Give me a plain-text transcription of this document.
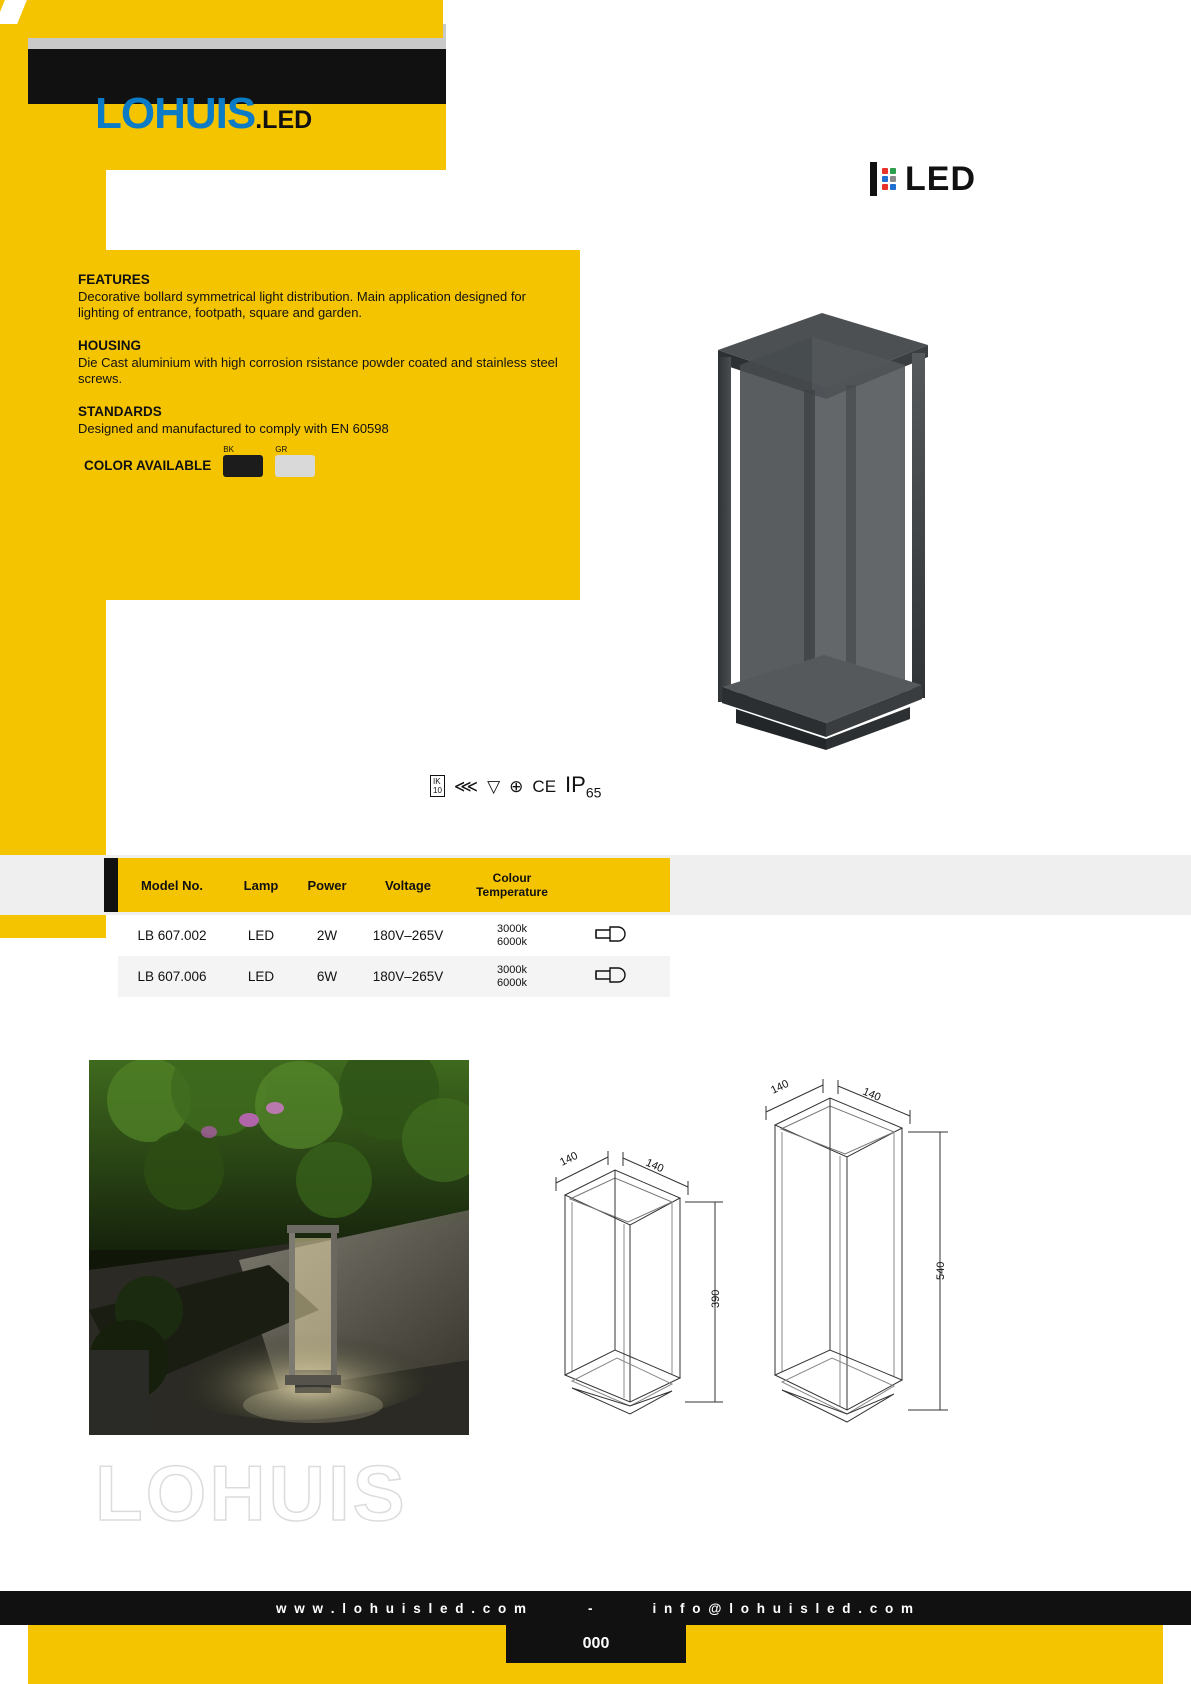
OUTDOOR LIGHTING
LANDSCAPE
BOLLARDS LIGHTING
LED
That's It
LOHUIS.LED
FEATURES

Decorative bollard symmetrical light distribution. Main application designed for lighting of entrance, footpath, square and garden.

HOUSING

Die Cast aluminium with high corrosion rsistance powder coated and stainless steel screws.

STANDARDS

Designed and manufactured to comply with EN 60598

COLOR AVAILABLE
BK	GR
IK
10 ⋘ ▽ ⊕ CE $IP_{65}$
Model No.	Lamp	Power	Voltage	Colour Temperature
LB 607.002	LED	2W	180V–265V	3000k
6000k
LB 607.006	LED	6W	180V–265V	3000k
6000k
140	140
390
140	140
540
LOHUIS
w w w . l o h u i s l e d . c o m	-	i n f o @ l o h u i s l e d . c o m
000
